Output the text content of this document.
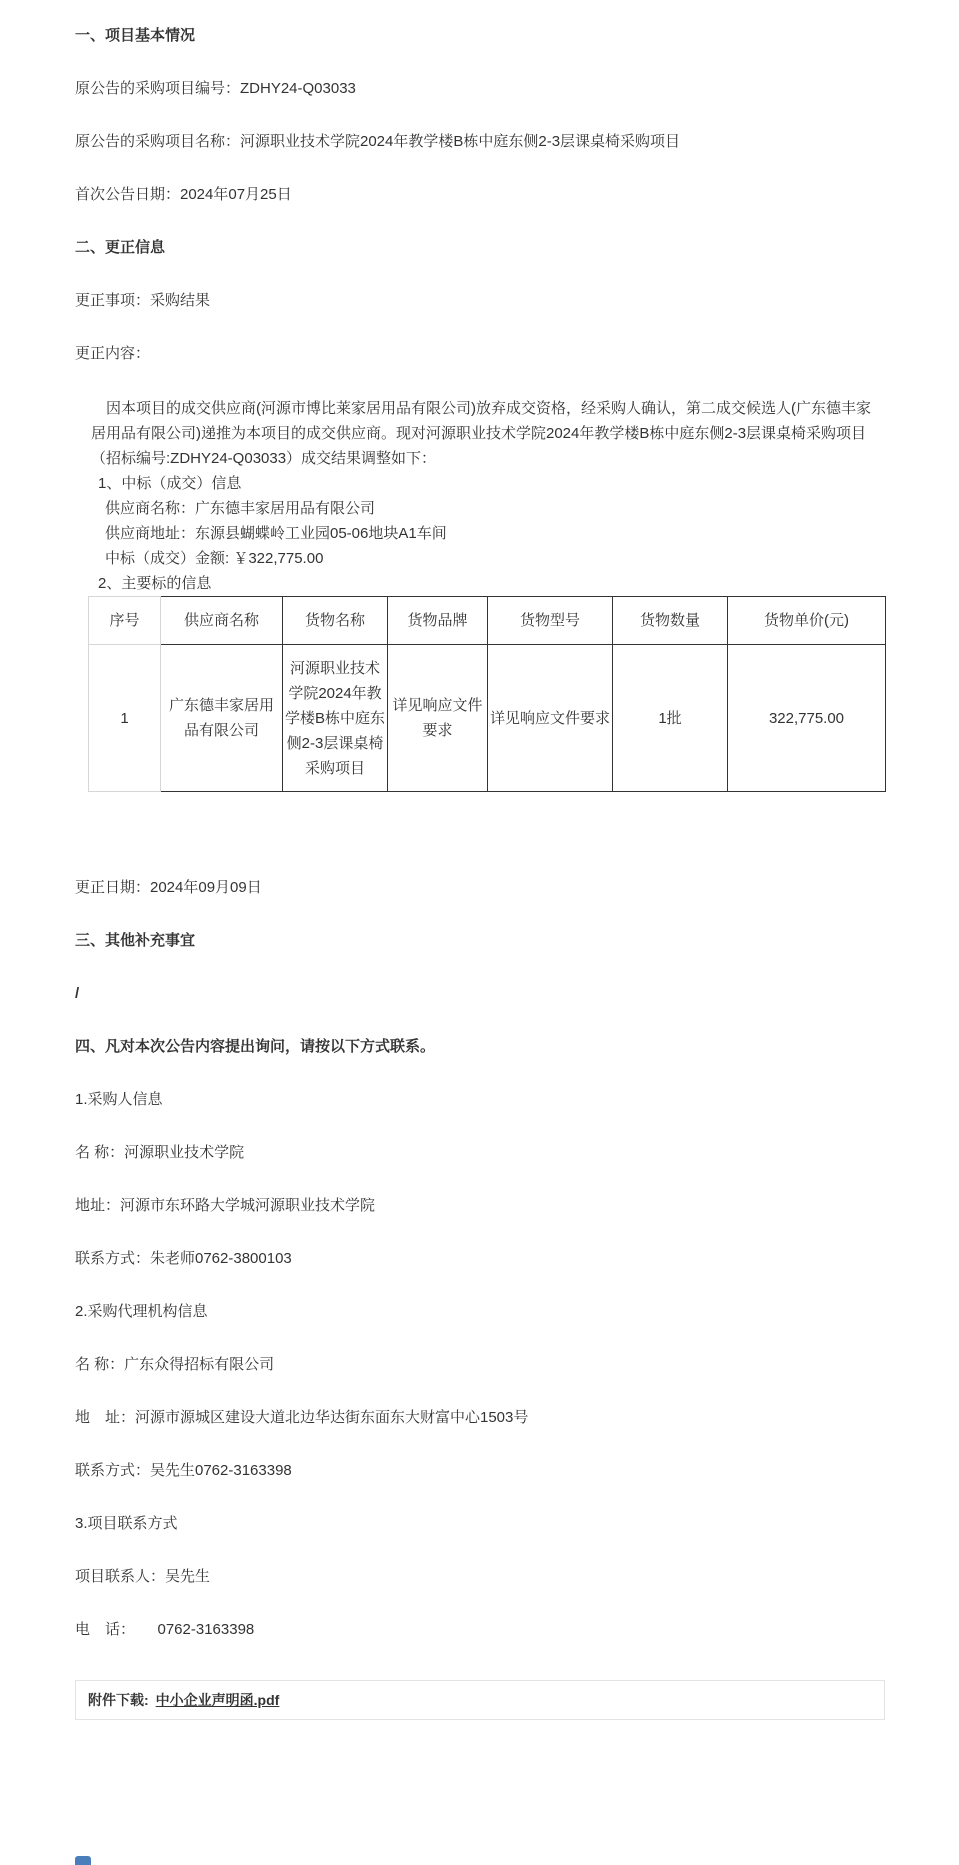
一、项目基本情况
原公告的采购项目编号：ZDHY24-Q03033
原公告的采购项目名称：河源职业技术学院2024年教学楼B栋中庭东侧2-3层课桌椅采购项目
首次公告日期：2024年07月25日
二、更正信息
更正事项：采购结果
更正内容：
因本项目的成交供应商(河源市博比莱家居用品有限公司)放弃成交资格，经采购人确认，第二成交候选人(广东德丰家居用品有限公司)递推为本项目的成交供应商。现对河源职业技术学院2024年教学楼B栋中庭东侧2-3层课桌椅采购项目（招标编号:ZDHY24-Q03033）成交结果调整如下：
1、中标（成交）信息
供应商名称：广东德丰家居用品有限公司
供应商地址：东源县蝴蝶岭工业园05-06地块A1车间
中标（成交）金额: ￥322,775.00
2、主要标的信息
序号	供应商名称	货物名称	货物品牌	货物型号	货物数量	货物单价(元)
1	广东德丰家居用品有限公司	河源职业技术学院2024年教学楼B栋中庭东侧2-3层课桌椅采购项目	详见响应文件要求	详见响应文件要求	1批	322,775.00
更正日期：2024年09月09日
三、其他补充事宜
/
四、凡对本次公告内容提出询问，请按以下方式联系。
1.采购人信息
名 称：河源职业技术学院
地址：河源市东环路大学城河源职业技术学院
联系方式：朱老师0762-3800103
2.采购代理机构信息
名 称：广东众得招标有限公司
地　址：河源市源城区建设大道北边华达街东面东大财富中心1503号
联系方式：吴先生0762-3163398
3.项目联系方式
项目联系人：吴先生
电　话：　　0762-3163398
附件下载: 中小企业声明函.pdf
